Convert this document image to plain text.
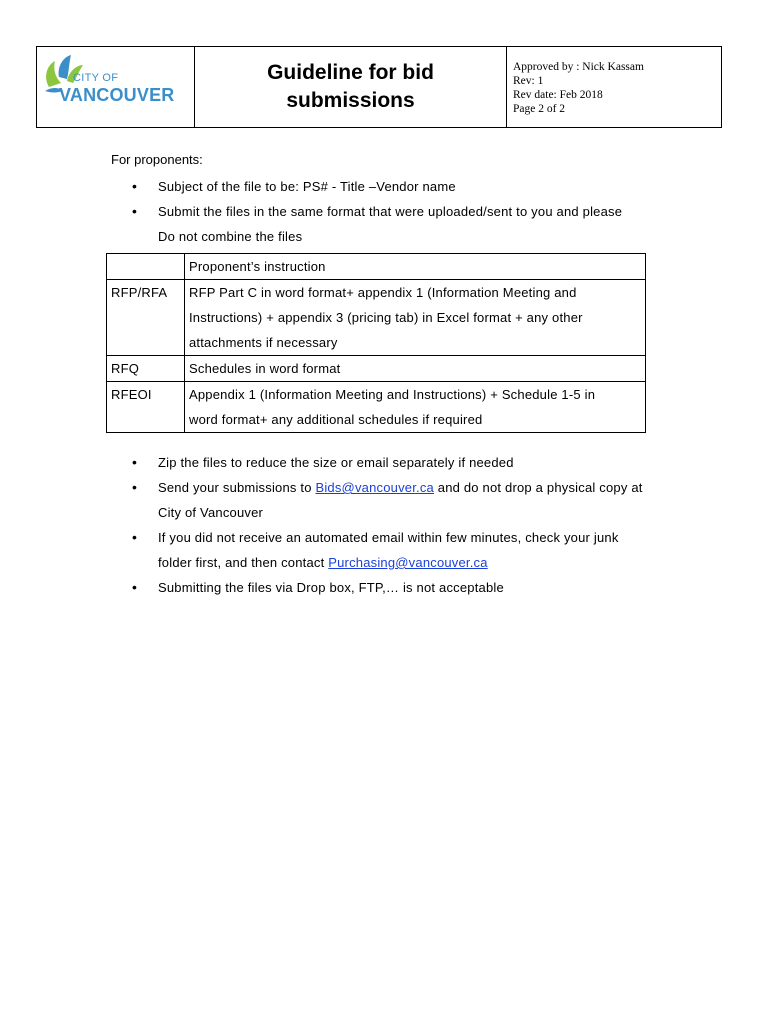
CITY OF
VANCOUVER
Guideline for bid
submissions
Approved by : Nick Kassam
Rev: 1
Rev date: Feb 2018
Page 2 of 2
For proponents:
• Subject of the file to be: PS# - Title –Vendor name
• Submit the files in the same format that were uploaded/sent to you and please
Do not combine the files
	Proponent’s instruction
RFP/RFA	RFP Part C in word format+ appendix 1 (Information Meeting and
Instructions) + appendix 3 (pricing tab) in Excel format + any other
attachments if necessary

RFQ	Schedules in word format

RFEOI	Appendix 1 (Information Meeting and Instructions) + Schedule 1-5 in
word format+ any additional schedules if required
• Zip the files to reduce the size or email separately if needed
• Send your submissions to Bids@vancouver.ca and do not drop a physical copy at
City of Vancouver
• If you did not receive an automated email within few minutes, check your junk
folder first, and then contact Purchasing@vancouver.ca
• Submitting the files via Drop box, FTP,… is not acceptable
